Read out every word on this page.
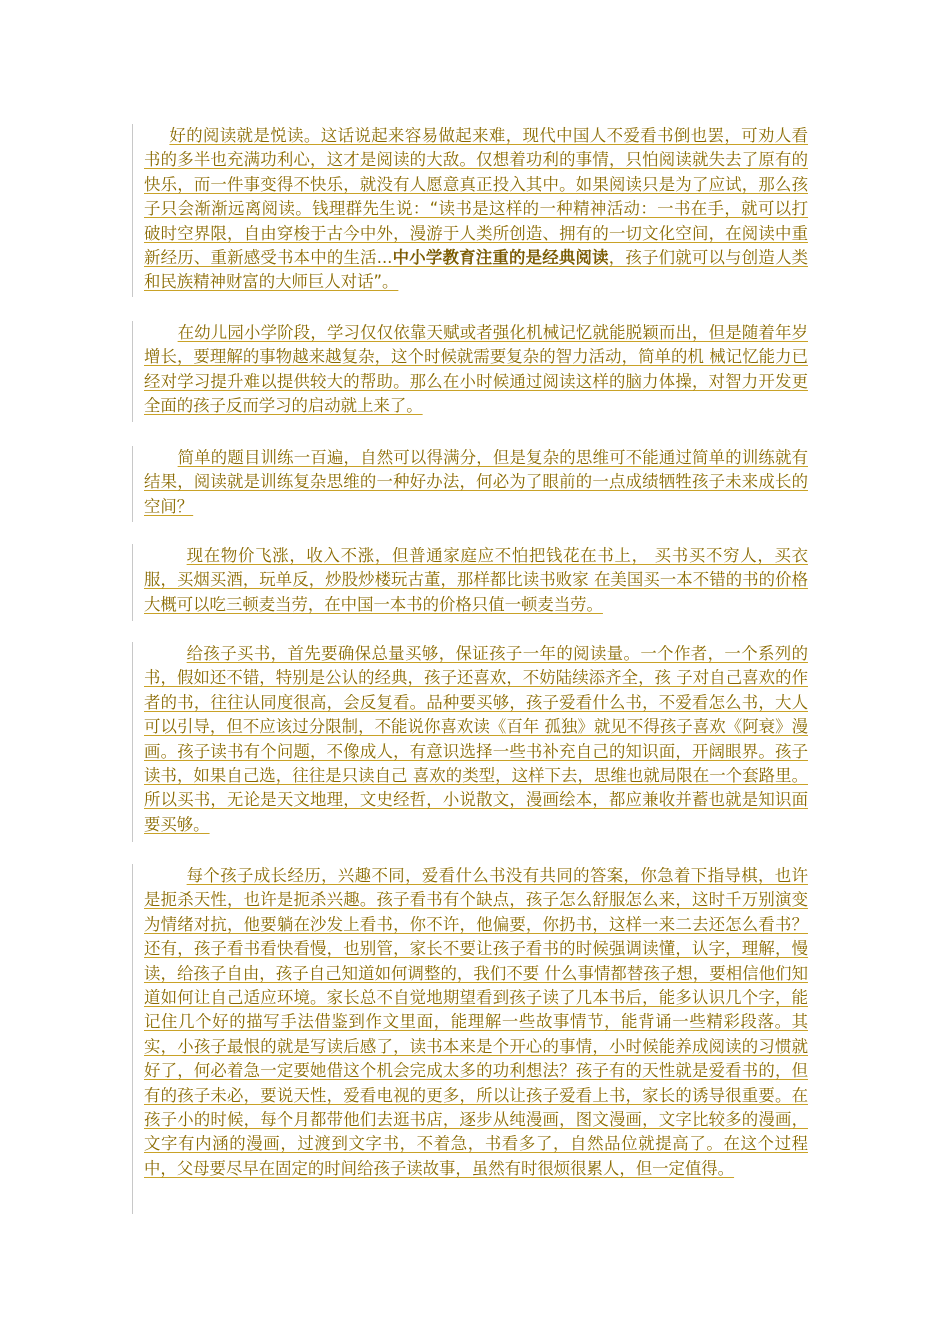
好的阅读就是悦读。这话说起来容易做起来难，现代中国人不爱看书倒也罢，可劝人看书的多半也充满功利心，这才是阅读的大敌。仅想着功利的事情，只怕阅读就失去了原有的快乐，而一件事变得不快乐，就没有人愿意真正投入其中。如果阅读只是为了应试，那么孩子只会渐渐远离阅读。钱理群先生说：“读书是这样的一种精神活动：一书在手，就可以打破时空界限，自由穿梭于古今中外，漫游于人类所创造、拥有的一切文化空间，在阅读中重新经历、重新感受书本中的生活...中小学教育注重的是经典阅读，孩子们就可以与创造人类和民族精神财富的大师巨人对话”。

在幼儿园小学阶段，学习仅仅依靠天赋或者强化机械记忆就能脱颖而出，但是随着年岁增长，要理解的事物越来越复杂，这个时候就需要复杂的智力活动，简单的机 械记忆能力已经对学习提升难以提供较大的帮助。那么在小时候通过阅读这样的脑力体操，对智力开发更全面的孩子反而学习的启动就上来了。

简单的题目训练一百遍，自然可以得满分，但是复杂的思维可不能通过简单的训练就有结果，阅读就是训练复杂思维的一种好办法，何必为了眼前的一点成绩牺牲孩子未来成长的空间？

现在物价飞涨，收入不涨，但普通家庭应不怕把钱花在书上， 买书买不穷人，买衣服，买烟买酒，玩单反，炒股炒楼玩古董，那样都比读书败家 在美国买一本不错的书的价格大概可以吃三顿麦当劳，在中国一本书的价格只值一顿麦当劳。

给孩子买书，首先要确保总量买够，保证孩子一年的阅读量。一个作者，一个系列的书，假如还不错，特别是公认的经典，孩子还喜欢，不妨陆续添齐全，孩 子对自己喜欢的作者的书，往往认同度很高，会反复看。品种要买够，孩子爱看什么书，不爱看怎么书，大人可以引导，但不应该过分限制，不能说你喜欢读《百年 孤独》就见不得孩子喜欢《阿衰》漫画。孩子读书有个问题，不像成人，有意识选择一些书补充自己的知识面，开阔眼界。孩子读书，如果自己选，往往是只读自己 喜欢的类型，这样下去，思维也就局限在一个套路里。所以买书，无论是天文地理，文史经哲，小说散文，漫画绘本，都应兼收并蓄也就是知识面要买够。

每个孩子成长经历，兴趣不同，爱看什么书没有共同的答案，你急着下指导棋，也许是扼杀天性，也许是扼杀兴趣。孩子看书有个缺点，孩子怎么舒服怎么来，这时千万别演变为情绪对抗，他要躺在沙发上看书，你不许，他偏要，你扔书，这样一来二去还怎么看书？还有，孩子看书看快看慢，也别管，家长不要让孩子看书的时候强调读懂，认字，理解，慢读，给孩子自由，孩子自己知道如何调整的，我们不要 什么事情都替孩子想，要相信他们知道如何让自己适应环境。家长总不自觉地期望看到孩子读了几本书后，能多认识几个字，能记住几个好的描写手法借鉴到作文里面，能理解一些故事情节，能背诵一些精彩段落。其实，小孩子最恨的就是写读后感了，读书本来是个开心的事情，小时候能养成阅读的习惯就好了，何必着急一定要她借这个机会完成太多的功利想法？孩子有的天性就是爱看书的，但有的孩子未必，要说天性，爱看电视的更多，所以让孩子爱看上书，家长的诱导很重要。在孩子小的时候，每个月都带他们去逛书店，逐步从纯漫画，图文漫画，文字比较多的漫画，文字有内涵的漫画，过渡到文字书，不着急，书看多了，自然品位就提高了。在这个过程中，父母要尽早在固定的时间给孩子读故事，虽然有时很烦很累人，但一定值得。
